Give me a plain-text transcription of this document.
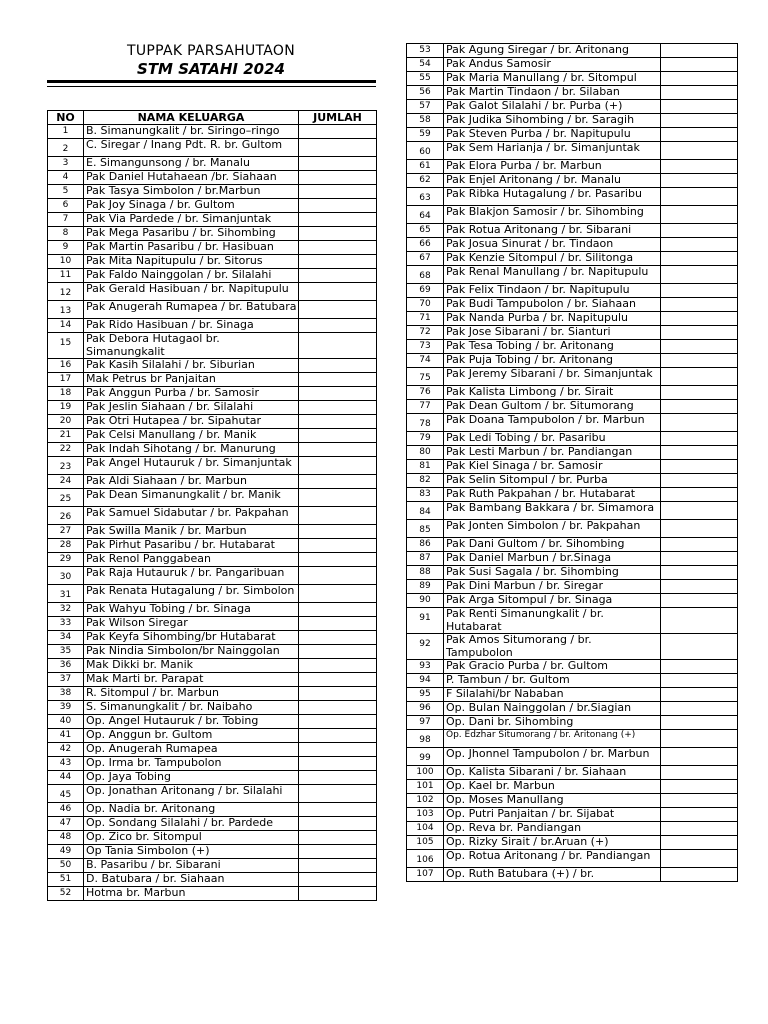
TUPPAK PARSAHUTAON
STM SATAHI 2024
NO	NAMA KELUARGA	JUMLAH
1	B. Simanungkalit / br. Siringo–ringo	
2	C. Siregar / Inang Pdt. R. br. Gultom	
3	E. Simangunsong / br. Manalu	
4	Pak Daniel Hutahaean /br. Siahaan	
5	Pak Tasya Simbolon / br.Marbun	
6	Pak Joy Sinaga / br. Gultom	
7	Pak Via Pardede / br. Simanjuntak	
8	Pak Mega Pasaribu / br. Sihombing	
9	Pak Martin Pasaribu / br. Hasibuan	
10	Pak Mita Napitupulu / br. Sitorus	
11	Pak Faldo Nainggolan / br. Silalahi	
12	Pak Gerald Hasibuan / br. Napitupulu	
13	Pak Anugerah Rumapea / br. Batubara	
14	Pak Rido Hasibuan / br. Sinaga	
15	Pak Debora Hutagaol br. Simanungkalit	
16	Pak Kasih Silalahi / br. Siburian	
17	Mak Petrus br Panjaitan	
18	Pak Anggun Purba / br. Samosir	
19	Pak Jeslin Siahaan / br. Silalahi	
20	Pak Otri Hutapea / br. Sipahutar	
21	Pak Celsi Manullang / br. Manik	
22	Pak Indah Sihotang / br. Manurung	
23	Pak Angel Hutauruk / br. Simanjuntak	
24	Pak Aldi Siahaan / br. Marbun	
25	Pak Dean Simanungkalit / br. Manik	
26	Pak Samuel Sidabutar / br. Pakpahan	
27	Pak Swilla Manik / br. Marbun	
28	Pak Pirhut Pasaribu / br. Hutabarat	
29	Pak Renol Panggabean	
30	Pak Raja Hutauruk / br. Pangaribuan	
31	Pak Renata Hutagalung / br. Simbolon	
32	Pak Wahyu Tobing / br. Sinaga	
33	Pak Wilson Siregar	
34	Pak Keyfa Sihombing/br Hutabarat	
35	Pak Nindia Simbolon/br Nainggolan	
36	Mak Dikki br. Manik	
37	Mak Marti br. Parapat	
38	R. Sitompul / br. Marbun	
39	S. Simanungkalit / br. Naibaho	
40	Op. Angel Hutauruk / br. Tobing	
41	Op. Anggun br. Gultom	
42	Op. Anugerah Rumapea	
43	Op. Irma br. Tampubolon	
44	Op. Jaya Tobing	
45	Op. Jonathan Aritonang / br. Silalahi	
46	Op. Nadia br. Aritonang	
47	Op. Sondang Silalahi / br. Pardede	
48	Op. Zico br. Sitompul	
49	Op Tania Simbolon (+)	
50	B. Pasaribu / br. Sibarani	
51	D. Batubara / br. Siahaan	
52	Hotma br. Marbun	
53	Pak Agung Siregar / br. Aritonang	
54	Pak Andus Samosir	
55	Pak Maria Manullang / br. Sitompul	
56	Pak Martin Tindaon / br. Silaban	
57	Pak Galot Silalahi / br. Purba (+)	
58	Pak Judika Sihombing / br. Saragih	
59	Pak Steven Purba / br. Napitupulu	
60	Pak Sem Harianja / br. Simanjuntak	
61	Pak Elora Purba / br. Marbun	
62	Pak Enjel Aritonang / br. Manalu	
63	Pak Ribka Hutagalung / br. Pasaribu	
64	Pak Blakjon Samosir / br. Sihombing	
65	Pak Rotua Aritonang / br. Sibarani	
66	Pak Josua Sinurat / br. Tindaon	
67	Pak Kenzie Sitompul / br. Silitonga	
68	Pak Renal Manullang / br. Napitupulu	
69	Pak Felix Tindaon / br. Napitupulu	
70	Pak Budi Tampubolon / br. Siahaan	
71	Pak Nanda Purba / br. Napitupulu	
72	Pak Jose Sibarani / br. Sianturi	
73	Pak Tesa Tobing / br. Aritonang	
74	Pak Puja Tobing / br. Aritonang	
75	Pak Jeremy Sibarani / br. Simanjuntak	
76	Pak Kalista Limbong / br. Sirait	
77	Pak Dean Gultom / br. Situmorang	
78	Pak Doana Tampubolon / br. Marbun	
79	Pak Ledi Tobing / br. Pasaribu	
80	Pak Lesti Marbun / br. Pandiangan	
81	Pak Kiel Sinaga / br. Samosir	
82	Pak Selin Sitompul / br. Purba	
83	Pak Ruth Pakpahan / br. Hutabarat	
84	Pak Bambang Bakkara / br. Simamora	
85	Pak Jonten Simbolon / br. Pakpahan	
86	Pak Dani Gultom / br. Sihombing	
87	Pak Daniel Marbun / br.Sinaga	
88	Pak Susi Sagala / br. Sihombing	
89	Pak Dini Marbun / br. Siregar	
90	Pak Arga Sitompul / br. Sinaga	
91	Pak Renti Simanungkalit / br. Hutabarat	
92	Pak Amos Situmorang / br. Tampubolon	
93	Pak Gracio Purba / br. Gultom	
94	P. Tambun / br. Gultom	
95	F Silalahi/br Nababan	
96	Op. Bulan Nainggolan / br.Siagian	
97	Op. Dani br. Sihombing	
98	Op. Edzhar Situmorang / br. Aritonang (+)	
99	Op. Jhonnel Tampubolon / br. Marbun	
100	Op. Kalista Sibarani / br. Siahaan	
101	Op. Kael br. Marbun	
102	Op. Moses Manullang	
103	Op. Putri Panjaitan / br. Sijabat	
104	Op. Reva br. Pandiangan	
105	Op. Rizky Sirait / br.Aruan (+)	
106	Op. Rotua Aritonang / br. Pandiangan	
107	Op. Ruth Batubara (+) / br.	
